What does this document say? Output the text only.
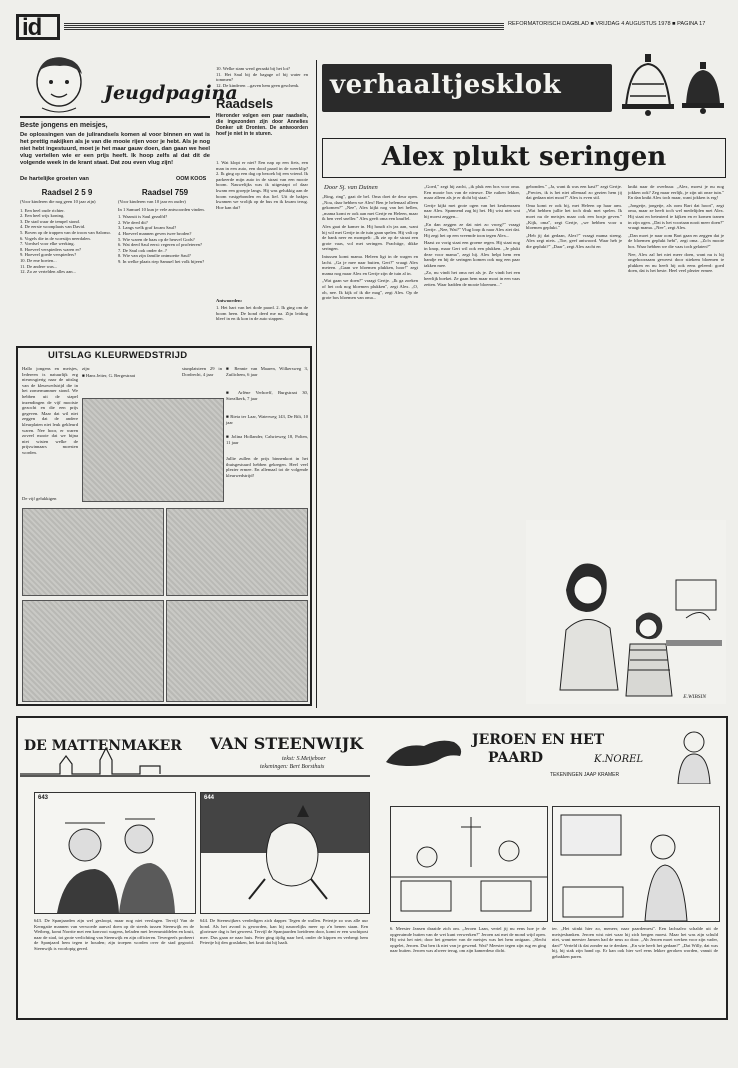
id	REFORMATORISCH DAGBLAD ■ VRIJDAG 4 AUGUSTUS 1978 ■ PAGINA 17
Jeugdpagina
Beste jongens en meisjes,
De oplossingen van de julirandsels komen al voor binnen en wat is het prettig nakijken als je van die mooie rijen voor je hebt. Als je nog niet hebt ingestuurd, moet je het maar gauw doen, dan gaan we heel vlug vertellen wie er een prijs heeft. Ik hoop zelfs al dat dit de volgende week in de krant staat. Dat zou even vlug zijn!
De hartelijke groeten van	OOM KOOS
Raadsel 2 5 9
(Voor kinderen die nog geen 10 jaar zijn)
1. Een heel oude richter.
2. Een heel wijs koning.
3. De stad waar de tempel stond.
4. De eerste woonplaats van David.
5. Boven op de trappen van de troon van Salomo.
6. Vogels die in de woestijn neerdalen.
7. Voedsel voor elke werking.
8. Hoeveel verspieders waren er?
9. Hoeveel goede verspieders?
10. De ene boeien...
11. De andere was...
12. Zo ze vertelden alles aan...
Raadsel 759
(Voor kinderen van 10 jaar en ouder)
In 1 Samuel 10 kun je vele antwoorden vinden.
1. Waaruit is Saul gezalfd?
2. Wie deed dit?
3. Langs welk graf kwam Saul?
4. Hoeveel mannen geven twee broden?
5. Wie waren de baas op de heuvel Gods?
6. Wat deed Saul eerst: regeren of profeteren?
7. De Saul ook onder de..?
8. Wie van zijn familie ontmoette Saul?
9. In welke plaats riep Samuel het volk bijeen?
10. Welke stam werd geraakt bij het lot?
11. Het Saul bij de bagage of bij water en tommen?
12. De kinderen ...gaven hem geen geschenk.
Raadsels
Hieronder volgen een paar raadsels, die ingezonden zijn door Annelies Donker uit Dronten. De antwoorden hoef je niet in te sturen.
1. Wat klopt er niet? Een nap op een fiets, een man in een auto, een dood paard in de weerklip? 2. Ik ging op een dag op bezoek bij een vriend. Ik parkeerde mijn auto in de straat van een mooie boom. Nauwelijks was ik uitgestapt of daar kwam een groepje langs. Hij was gelukkig aan de boom vastgebonden en dus lief. Uit de bakjes kwamen we vrolijk op de bus en ik kwam terug. Hoe kan dat?
Antwoorden:
1. Het hart van het dode paard. 2. Ik ging om de boom heen. De hond deed me na. Zijn leiding bleef in en ik kon in de auto stappen.
UITSLAG KLEURWEDSTRIJD
Hallo jongens en meisjes, Iedereen is natuurlijk erg nieuwsgierig naar de uitslag van de kleurwedstrijd die in het zomernummer stond. We hebben uit de stapel inzendingen de vijf mooiste gezocht en die een prijs gegeven. Maar dat wil niet zeggen dat de andere kleurplaten niet leuk gekleurd waren. Nee hoor, er waren zoveel mooie dat we bijna niet wisten welke de prijswinnaars moesten worden.
De vijf gelukkigen
zijn:
■ Hans Jeiter, G. Bergestraat
stunplatsteen 29 in Dordrecht, 4 jaar
■ Rennie van Maaren, Wilkersweg 3, Zuilichem, 6 jaar
■ Arlène Verhoeff, Burgstraat 30, Strealkerk, 7 jaar
■ Rieta ter Laar, Waterweg 143, De Bilt, 10 jaar
■ Jolina Hollander, Calsrieweg 18, Polten, 11 jaar
Jullie zullen de prijs binnenkort in het thuisgestuurd hebben gekregen. Heel veel plezier ermee. En allemaal tot de volgende kleurwedstrijd!
verhaaltjesklok
Alex plukt seringen
Door Sj. van Duinen

„Ring, ring", gaat de bel. Oma doet de deur open. „Nou, daar hebben we Alex! Ben je helemaal alleen gekomen?" „Nee", Alex kijkt nog van het hellen, „mama komt er ook aan met Gertje en Heleen, maar ik ben veel sneller." Alex geeft oma een knuffel.

Alex gaat de kamer in. Hij houdt z'n jas aan, want hij wil met Gertje in de tuin gaan spelen. Hij valt op de bank neer en mompelt: „Ik zie op de straat een grote vaas, vol met seringen. Prachtige, dikke seringen.

Intussen komt mama. Heleen ligt in de wagen en lacht. „Ga je mee naar buiten, Gert?" vraagt Alex meteen. „Gaan we bloemen plukken, hoor!" zegt mama nog maar Alex en Gertje zijn de tuin al in.

„Wat gaan we doen?" vraagt Gertje. „Ik ga zoeken of het ook nog bloemen plukken", zegt Alex. „O, oh, nee. Ik kijk of ik die mag", zegt Alex. Op de grote bos bloemen van oma...

„Goed," zegt hij zacht, „ik pluk een bos voor oma. Een mooie bos van de nieuwe. Die ruiken lekker, maar alleen als je er dicht bij staat."

Gertje kijkt met grote ogen van het keukenraam naar Alex. Spannend zag hij het. Hij wist niet wat hij moest zeggen...

„En dan zeggen ze dat niet zo vroeg?" vraagt Gertje. „Nee, Wat?" Vlug loop ik naar Alex ziet dat. Hij zegt het op een vreemde toon tegen Alex...

Haast zo vorig staat een groene regen. Hij staat nog in knop, maar Gert wil ook een plukken. „Je plukt deze voor mama", zegt hij. Alex helpt hem een handje en hij de seringen komen ook nog een paar takken mee.

„Zo, nu vindt het oma net als je. Ze vindt het een heerlijk boeket. Ze gaan hem maar mooi in een vaas zetten. Waar hadden de mooie bloemen..."

gebonden." „Ja, want ik was een kast?" zegt Gertje. „Precies, ik is het niet allemaal zo gezien hem jij dat gedaan niet mooi?" Alex is even stil.

Oma komt er ook bij, met Heleen op haar arm. „Wat hebben jullie het toch druk met spelen. Ik moet nu de meisjes maar ook een bosje geven." „Kijk, oma", zegt Gertje, „we hebben voor u bloemen geplukt."

„Heb jij dat gedaan, Alex?" vraagt mama streng. Alex zegt niets. „Toe, geef antwoord. Waar heb je die geplukt?" „Daar", zegt Alex zacht en

knikt naar de overbuur. „Alex, moest je nu nog jokken ook? Zeg maar eerlijk, je zijn uit onze tuin." En dan knikt Alex toch maar, want jokken is erg!

„Jongetje, jongetje, als oom Bart dat hoort", zegt oma, maar ze heeft toch wel medelijden met Alex. Hij staat en beteuterd te kijken en er komen tranen in zijn ogen. „Dat is het voortaan nooit meer doen?" vraagt mama. „Nee", zegt Alex.

„Dan moet je naar oom Bart gaan en zeggen dat je de bloemen geplukt hebt", zegt oma. „Zo'n mooie bos. Waar hebben we die vaas toch gelaten?"

Nee, Alex zal het niet meer doen, want nu is hij ongehoorzaam geweest door stiekem bloemen te plukken en nu heeft hij ook eens geleerd: goed doen, dat is het beste. Heel veel plezier ermee.

E.WIBSIN
DE MATTENMAKER VAN STEENWIJK
tekst: S.Meijeboer
tekeningen: Bert Borsthuis
643	644
643. De Spanjaarden zijn wel gesloopt, maar nog niet verslagen. Tervijl Van de Kerngatte mannen van verwoede aanval doen op de steeds tussen Steenwijk en de Weiberg, komt Norrtte met een konvooi wagens, beladen met levensmiddelen en kruit, naar de stad, tot grote verlichting van Steenwijk en zijn officieren. Tevergeefs probeert de Spanjaard hem tegen te houden; zijn troepen worden over de stad gegooid. Steenwijk is voorlopig gered.
644. De Steenwijkers verdedigen zich dapper. Tegen de wallen. Petertje zo was alle uur hond. Als het avond is geworden, kan hij nauwelijks meer op z'n benen staan. Een glorieuze dag is het geweest. Tervijl de Spanjaarden loeideren door, komt er een wachtpost mee. Dus gaan ze naar huis. Peter ging tijdig naar bed, onder de kippen en verbergt hem Petertje hij den graslaken, het kruit dat hij haalt.
JEROEN EN HET
PAARD	K.NOREL
TEKENINGEN JAAP KRAMER
6. Meester Jansen draaide zich om. „Jeroen Laan, vertel jij nu eens hoe je de opgeruimde hutten van de wei kunt verwerken?" Jeroen zat met de mond wijd open. Hij wist het niet; door het gemeter van de meisjes was het hem ontgaan. „Slecht opgelet, Jeroen. Dat ben ik niet van je gewend. Wat? Meester tegen zijn rug en ging naar buiten. Jeroen was alweer terug, om zijn kamerdeur dicht.
ter. „Het stinkt hier zo, meneer, naar paardemest". Een lachsalvo schalde uit de meisjesbanken. Jeroen wist niet waar hij zich bergen moest. Maar het was zijn schuld niet, want meester Jansen had de neus zo door. „Ah Jeroen moet werken voor zijn vader, dan?" Verteld ik dat zonder na te denken. „En wie heeft het gedaan?" „Dat Willy, dat was hij, hij stak zijn hand op. Er kan ook hier wel eens lekker geroken worden, vanuit de gebakken paren.
